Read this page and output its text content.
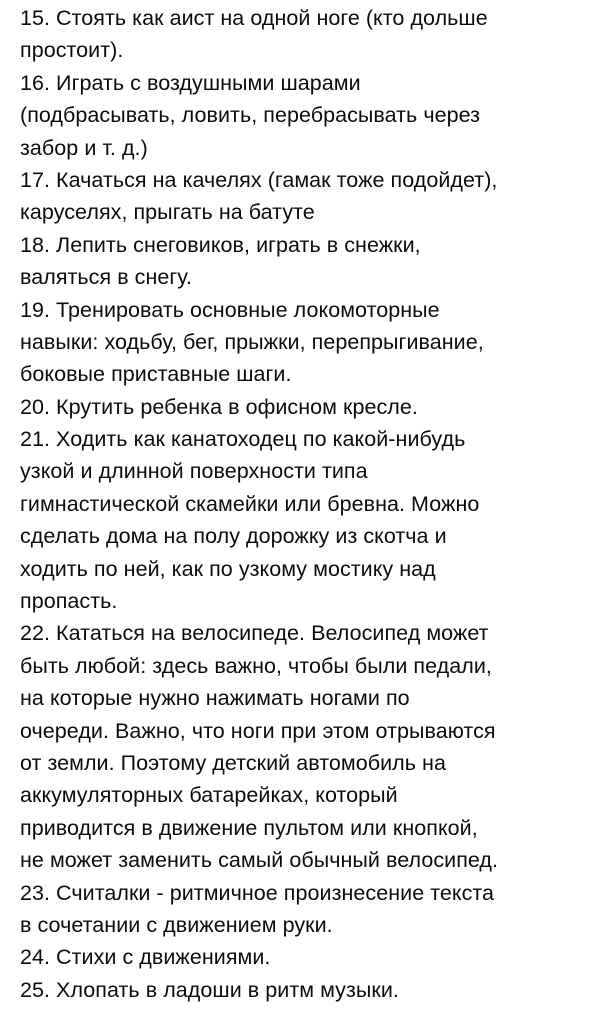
15. Стоять как аист на одной ноге (кто дольше
простоит).
16. Играть с воздушными шарами
(подбрасывать, ловить, перебрасывать через
забор и т. д.)
17. Качаться на качелях (гамак тоже подойдет),
каруселях, прыгать на батуте
18. Лепить снеговиков, играть в снежки,
валяться в снегу.
19. Тренировать основные локомоторные
навыки: ходьбу, бег, прыжки, перепрыгивание,
боковые приставные шаги.
20. Крутить ребенка в офисном кресле.
21. Ходить как канатоходец по какой-нибудь
узкой и длинной поверхности типа
гимнастической скамейки или бревна. Можно
сделать дома на полу дорожку из скотча и
ходить по ней, как по узкому мостику над
пропасть.
22. Кататься на велосипеде. Велосипед может
быть любой: здесь важно, чтобы были педали,
на которые нужно нажимать ногами по
очереди. Важно, что ноги при этом отрываются
от земли. Поэтому детский автомобиль на
аккумуляторных батарейках, который
приводится в движение пультом или кнопкой,
не может заменить самый обычный велосипед.
23. Считалки - ритмичное произнесение текста
в сочетании с движением руки.
24. Стихи с движениями.
25. Хлопать в ладоши в ритм музыки.
